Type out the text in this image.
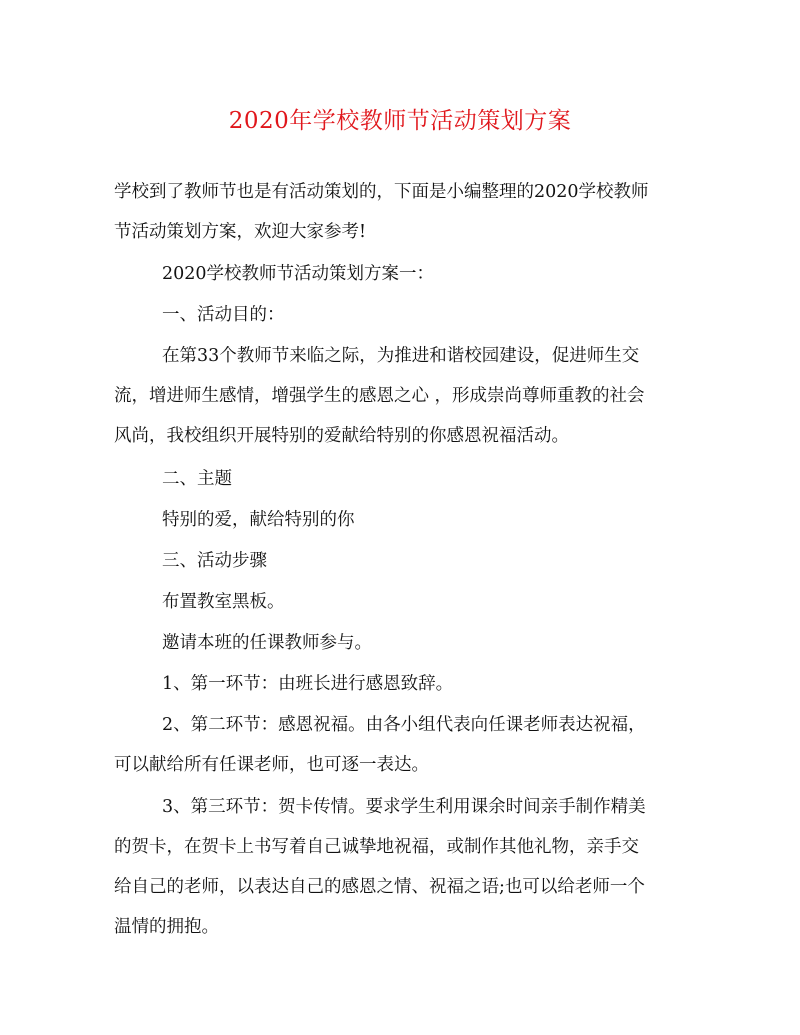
2020年学校教师节活动策划方案
学校到了教师节也是有活动策划的，下面是小编整理的2020学校教师
节活动策划方案，欢迎大家参考!
2020学校教师节活动策划方案一：
一、活动目的：
在第33个教师节来临之际，为推进和谐校园建设，促进师生交
流，增进师生感情，增强学生的感恩之心 ，形成崇尚尊师重教的社会
风尚，我校组织开展特别的爱献给特别的你感恩祝福活动。
二、主题
特别的爱，献给特别的你
三、活动步骤
布置教室黑板。
邀请本班的任课教师参与。
1、第一环节：由班长进行感恩致辞。
2、第二环节：感恩祝福。由各小组代表向任课老师表达祝福，
可以献给所有任课老师，也可逐一表达。
3、第三环节：贺卡传情。要求学生利用课余时间亲手制作精美
的贺卡，在贺卡上书写着自己诚挚地祝福，或制作其他礼物，亲手交
给自己的老师，以表达自己的感恩之情、祝福之语;也可以给老师一个
温情的拥抱。
